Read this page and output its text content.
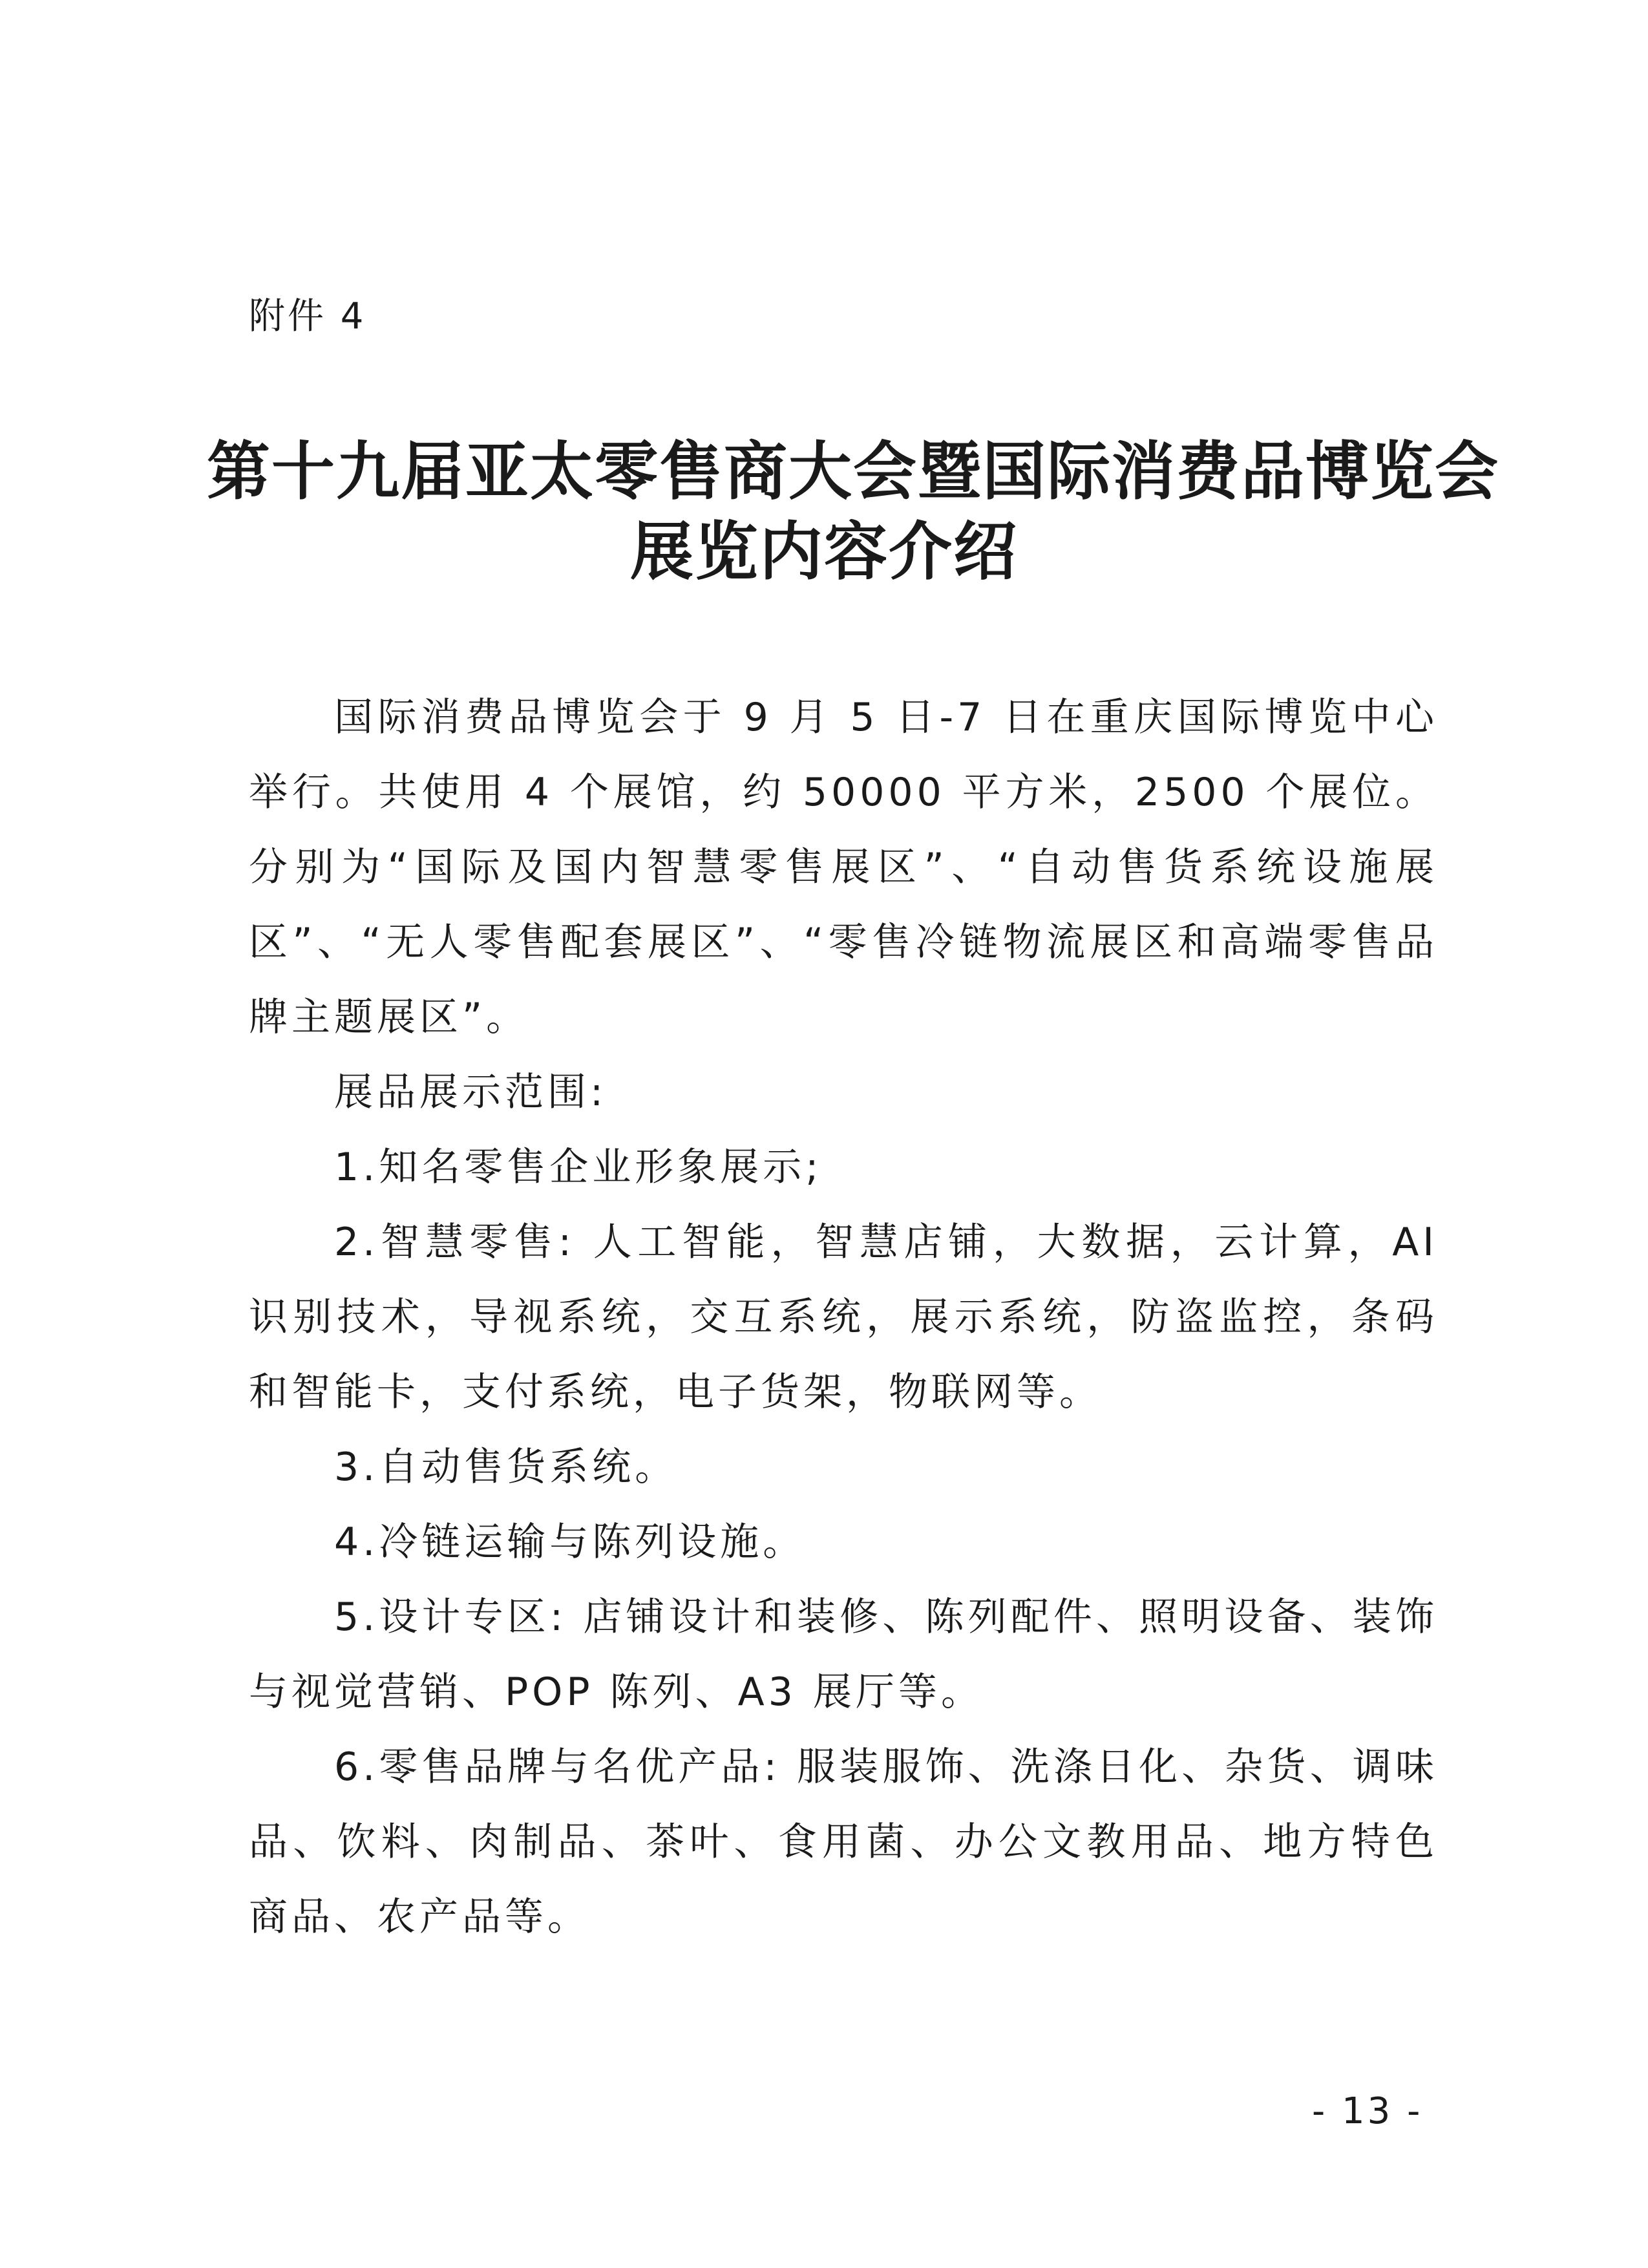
附件 4
第十九届亚太零售商大会暨国际消费品博览会
展览内容介绍

国际消费品博览会于 9 月 5 日-7 日在重庆国际博览中心举行。共使用 4 个展馆，约 50000 平方米，2500 个展位。分别为“国际及国内智慧零售展区”、“自动售货系统设施展区”、“无人零售配套展区”、“零售冷链物流展区和高端零售品牌主题展区”。

展品展示范围:

1.知名零售企业形象展示;

2.智慧零售: 人工智能，智慧店铺，大数据，云计算，AI 识别技术，导视系统，交互系统，展示系统，防盗监控，条码和智能卡，支付系统，电子货架，物联网等。

3.自动售货系统。

4.冷链运输与陈列设施。

5.设计专区: 店铺设计和装修、陈列配件、照明设备、装饰与视觉营销、POP 陈列、A3 展厅等。

6.零售品牌与名优产品: 服装服饰、洗涤日化、杂货、调味品、饮料、肉制品、茶叶、食用菌、办公文教用品、地方特色商品、农产品等。

- 13 -
